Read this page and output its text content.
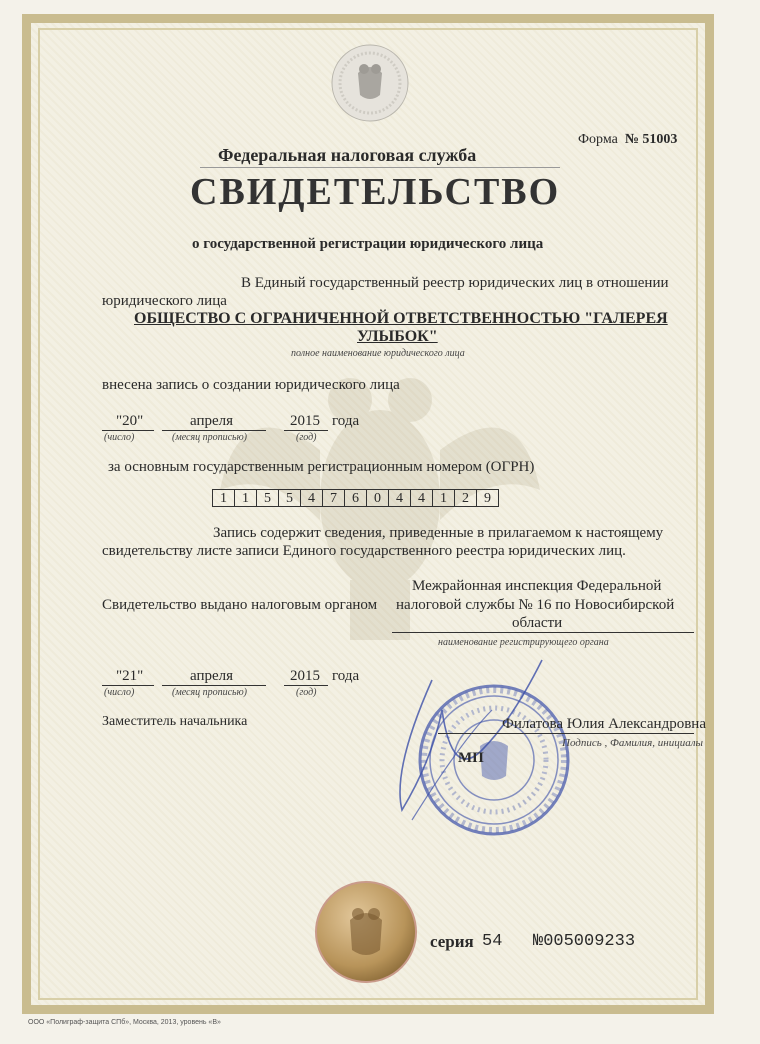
Форма № 51003
Федеральная налоговая служба
СВИДЕТЕЛЬСТВО
о государственной регистрации юридического лица
В Единый государственный реестр юридических лиц в отношении
юридического лица
ОБЩЕСТВО С ОГРАНИЧЕННОЙ ОТВЕТСТВЕННОСТЬЮ "ГАЛЕРЕЯ
УЛЫБОК"
полное наименование юридического лица
внесена запись о создании юридического лица
"20"	апреля	2015 года
(число)	(месяц прописью)	(год)
за основным государственным регистрационным номером (ОГРН)
1	1	5	5	4	7	6	0	4	4	1	2	9
Запись содержит сведения, приведенные в прилагаемом к настоящему
свидетельству листе записи Единого государственного реестра юридических лиц.
Межрайонная инспекция Федеральной
Свидетельство выдано налоговым органом налоговой службы № 16 по Новосибирской
области
наименование регистрирующего органа
"21"	апреля	2015 года
(число)	(месяц прописью)	(год)
Заместитель начальника	Филатова Юлия Александровна
Подпись , Фамилия, инициалы
МП
серия 54 №005009233
ООО «Полиграф-защита СПб», Москва, 2013, уровень «В»
